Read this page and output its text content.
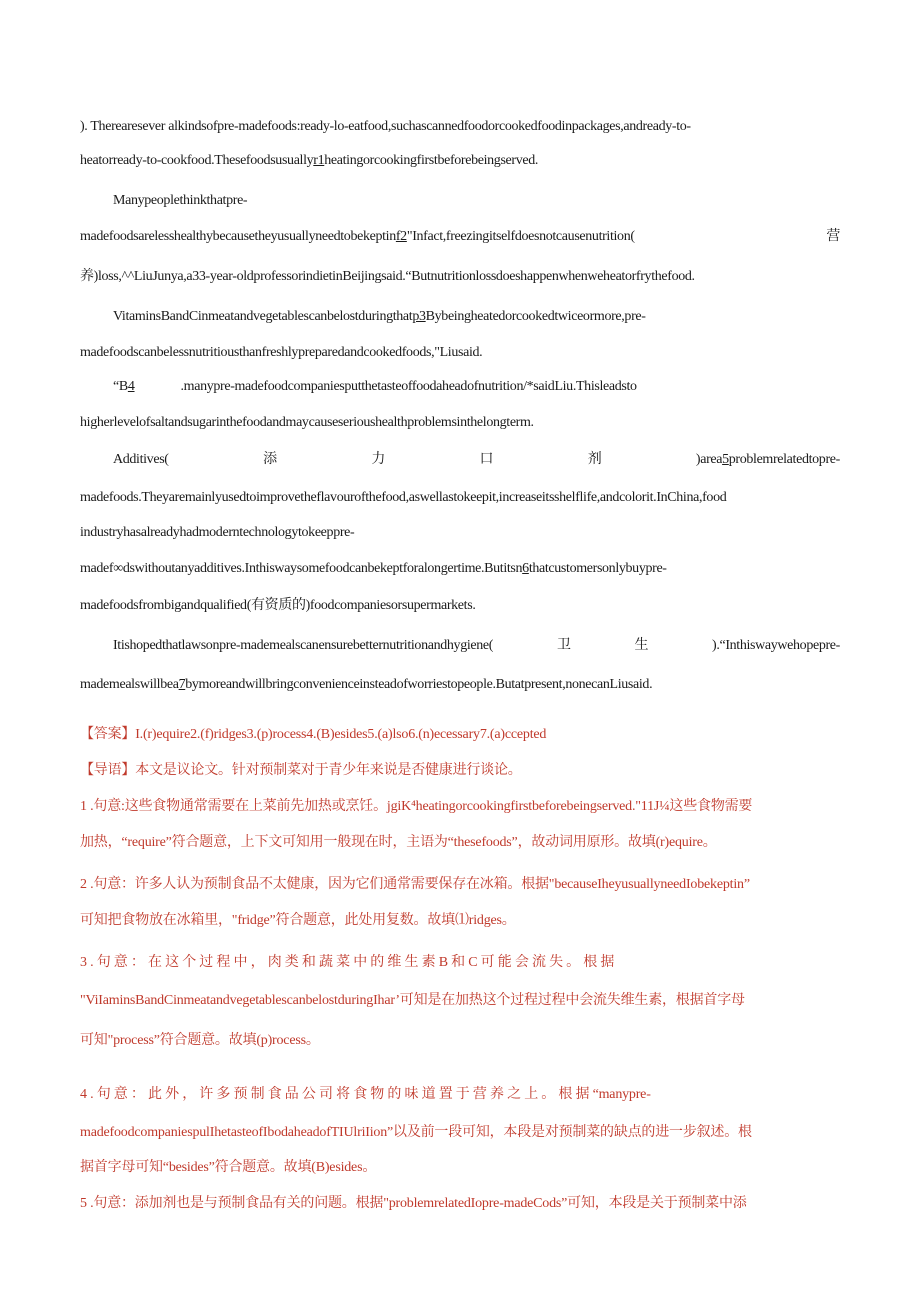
). Therearesever alkindsofpre-madefoods:ready-lo-eatfood,suchascannedfoodorcookedfoodinpackages,andready-to-
heatorready-to-cookfood.Thesefoodsusuallyr1heatingorcookingfirstbeforebeingserved.
Manypeoplethinkthatpre-
madefoodsarelesshealthybecausetheyusuallyneedtobekeptinf2"Infact,freezingitselfdoesnotcausenutrition(	营
养)loss,^^LiuJunya,a33-year-oldprofessorindietinBeijingsaid.“Butnutritionlossdoeshappenwhenweheatorfrythefood.
VitaminsBandCinmeatandvegetablescanbelostduringthatp3Bybeingheatedorcookedtwiceormore,pre-
madefoodscanbelessnutritiousthanfreshlypreparedandcookedfoods,"Liusaid.
“B4	.manypre-madefoodcompaniesputthetasteoffoodaheadofnutrition/*saidLiu.Thisleadsto
higherlevelofsaltandsugarinthefoodandmaycauseserioushealthproblemsinthelongterm.
Additives(	添	力	口	剂	)area5problemrelatedtopre-
madefoods.Theyaremainlyusedtoimprovetheflavourofthefood,aswellastokeepit,increaseitsshelflife,andcolorit.InChina,food
industryhasalreadyhadmoderntechnologytokeeppre-
madef∞dswithoutanyadditives.Inthiswaysomefoodcanbekeptforalongertime.Butitsn6thatcustomersonlybuypre-
madefoodsfrombigandqualified(有资质的)foodcompaniesorsupermarkets.
Itishopedthatlawsonpre-mademealscanensurebetternutritionandhygiene(	卫	生	).“Inthiswaywehopepre-
mademealswillbea7bymoreandwillbringconvenienceinsteadofworriestopeople.Butatpresent,nonecanLiusaid.
【答案】I.(r)equire2.(f)ridges3.(p)rocess4.(B)esides5.(a)lso6.(n)ecessary7.(a)ccepted
【导语】本文是议论文。针对预制菜对于青少年来说是否健康进行谈论。
1 .句意:这些食物通常需要在上菜前先加热或烹饪。jgiK⁴heatingorcookingfirstbeforebeingserved."11J¼这些食物需要
加热，“require”符合题意，上下文可知用一般现在时，主语为“thesefoods”，故动词用原形。故填(r)equire。
2 .句意：许多人认为预制食品不太健康，因为它们通常需要保存在冰箱。根据"becauseIheyusuallyneedIobekeptin”
可知把食物放在冰箱里，"fridge”符合题意，此处用复数。故填⑴ridges。
3 . 句 意 ： 在 这 个 过 程 中 ， 肉 类 和 蔬 菜 中 的 维 生 素 B 和 C 可 能 会 流 失 。 根 据
"ViIaminsBandCinmeatandvegetablescanbelostduringIhar’可知是在加热这个过程过程中会流失维生素，根据首字母
可知"process”符合题意。故填(p)rocess。
4 . 句 意 ： 此 外 ， 许 多 预 制 食 品 公 司 将 食 物 的 味 道 置 于 营 养 之 上 。 根 据 “manypre-
madefoodcompaniespulIhetasteofIbodaheadofTIUlriIion”以及前一段可知，本段是对预制菜的缺点的进一步叙述。根
据首字母可知“besides”符合题意。故填(B)esides。
5 .句意：添加剂也是与预制食品有关的问题。根据"problemrelatedIopre-madeCods”可知，本段是关于预制菜中添
